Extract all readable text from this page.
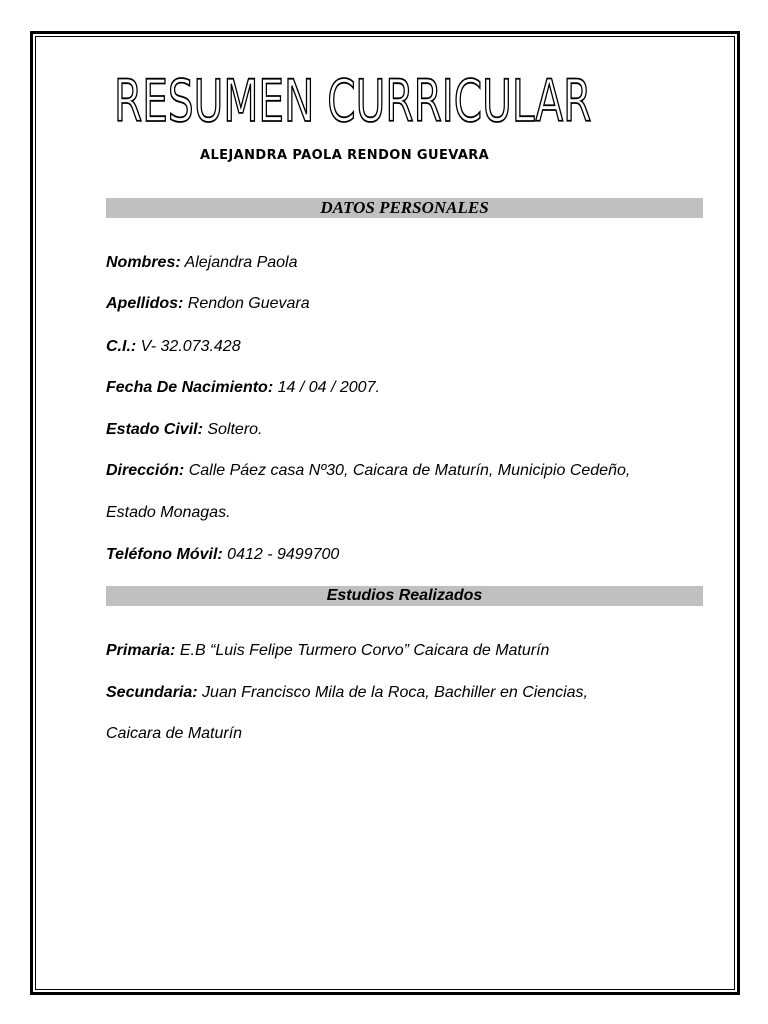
RESUMEN CURRICULAR

ALEJANDRA PAOLA RENDON GUEVARA

DATOS PERSONALES

Nombres: Alejandra Paola

Apellidos: Rendon Guevara

C.I.: V- 32.073.428

Fecha De Nacimiento: 14 / 04 / 2007.

Estado Civil: Soltero.

Dirección: Calle Páez casa Nº30, Caicara de Maturín, Municipio Cedeño,

Estado Monagas.

Teléfono Móvil: 0412 - 9499700

Estudios Realizados

Primaria: E.B “Luis Felipe Turmero Corvo” Caicara de Maturín

Secundaria: Juan Francisco Mila de la Roca, Bachiller en Ciencias,

Caicara de Maturín
